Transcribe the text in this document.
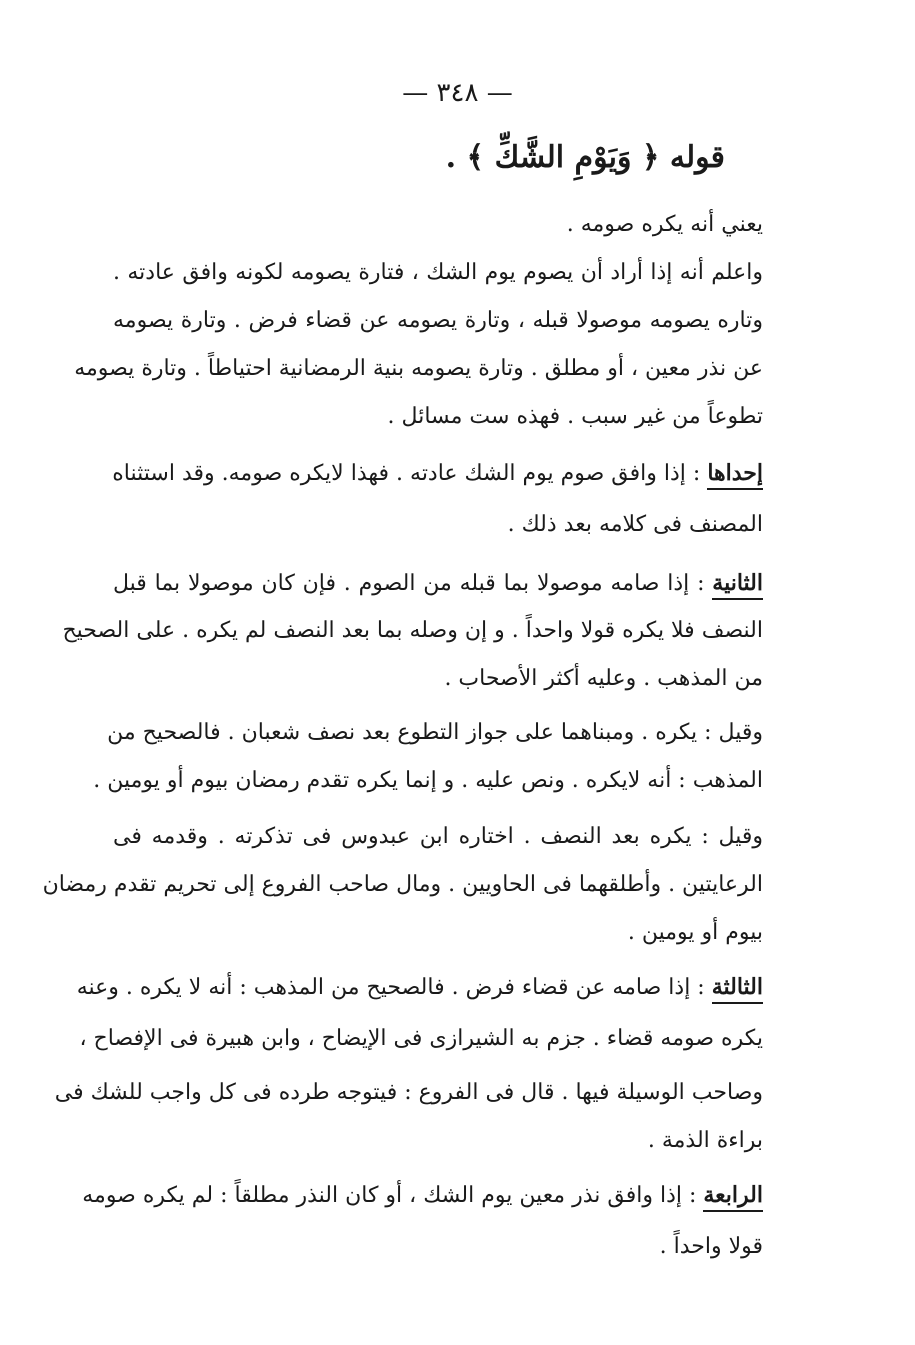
— ٣٤٨ —
قوله ﴿ وَيَوْمِ الشَّكِّ ﴾ .
يعني أنه يكره صومه .
واعلم أنه إذا أراد أن يصوم يوم الشك ، فتارة يصومه لكونه وافق عادته .
وتاره يصومه موصولا قبله ، وتارة يصومه عن قضاء فرض . وتارة يصومه
عن نذر معين ، أو مطلق . وتارة يصومه بنية الرمضانية احتياطاً . وتارة يصومه
تطوعاً من غير سبب . فهذه ست مسائل .
إحداها : إذا وافق صوم يوم الشك عادته . فهذا لايكره صومه. وقد استثناه
المصنف فى كلامه بعد ذلك .
الثانية : إذا صامه موصولا بما قبله من الصوم . فإن كان موصولا بما قبل
النصف فلا يكره قولا واحداً . و إن وصله بما بعد النصف لم يكره . على الصحيح
من المذهب . وعليه أكثر الأصحاب .
وقيل : يكره . ومبناهما على جواز التطوع بعد نصف شعبان . فالصحيح من
المذهب : أنه لايكره . ونص عليه . و إنما يكره تقدم رمضان بيوم أو يومين .
وقيل : يكره بعد النصف . اختاره ابن عبدوس فى تذكرته . وقدمه فى
الرعايتين . وأطلقهما فى الحاويين . ومال صاحب الفروع إلى تحريم تقدم رمضان
بيوم أو يومين .
الثالثة : إذا صامه عن قضاء فرض . فالصحيح من المذهب : أنه لا يكره . وعنه
يكره صومه قضاء . جزم به الشيرازى فى الإيضاح ، وابن هبيرة فى الإفصاح ،
وصاحب الوسيلة فيها . قال فى الفروع : فيتوجه طرده فى كل واجب للشك فى
براءة الذمة .
الرابعة : إذا وافق نذر معين يوم الشك ، أو كان النذر مطلقاً : لم يكره صومه
قولا واحداً .
